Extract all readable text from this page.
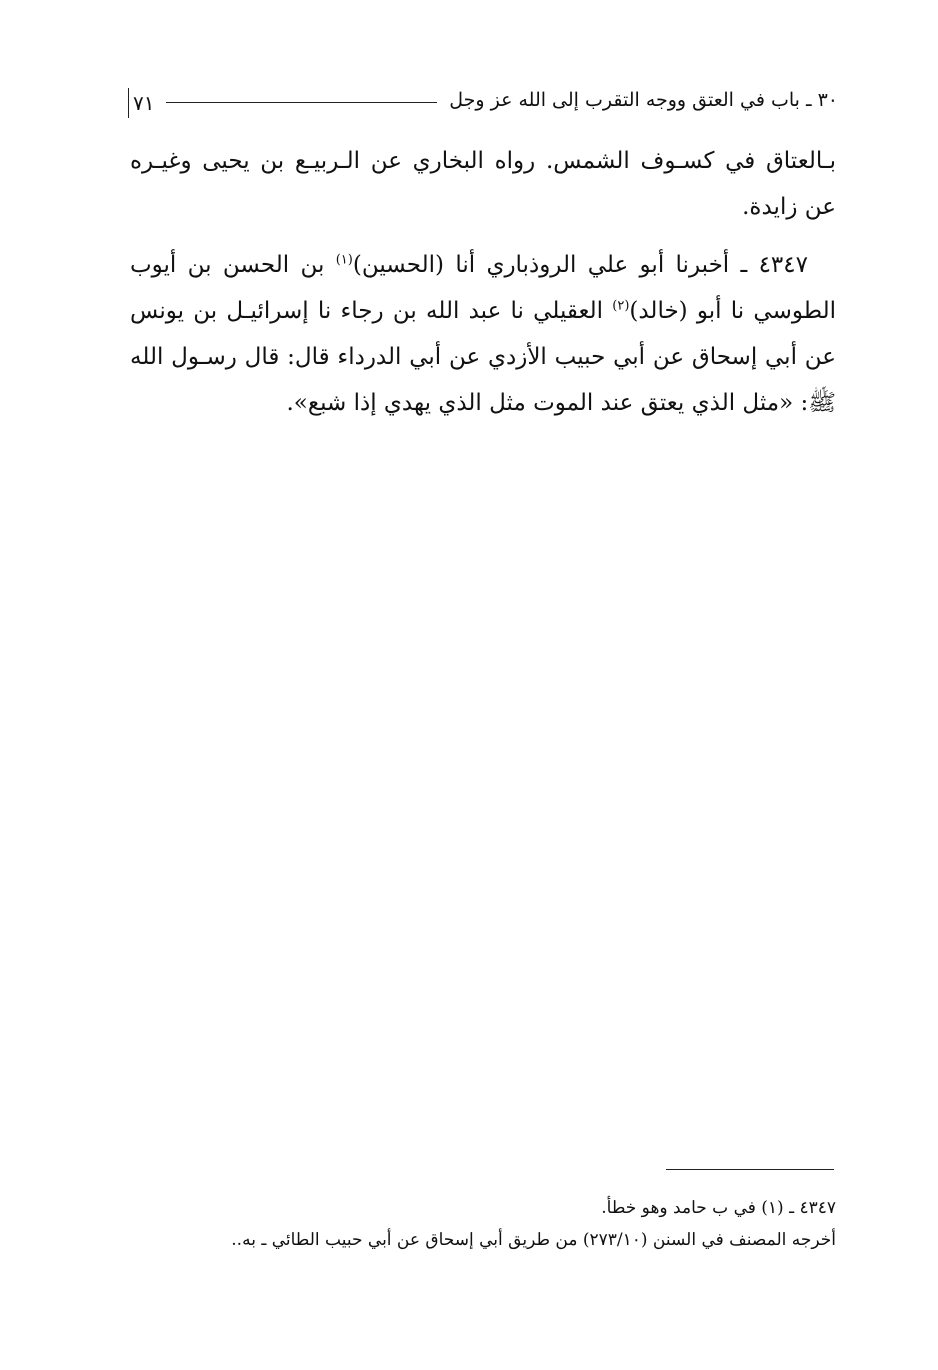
٣٠ ـ باب في العتق ووجه التقرب إلى الله عز وجل
٧١

بـالعتاق في كسـوف الشمس. رواه البخاري عن الـربيـع بن يحيى وغيـره عن زايدة.

٤٣٤٧ ـ أخبرنا أبو علي الروذباري أنا (الحسين)$^{(١)}$ بن الحسن بن أيوب الطوسي نا أبو (خالد)$^{(٢)}$ العقيلي نا عبد الله بن رجاء نا إسرائيـل بن يونس عن أبي إسحاق عن أبي حبيب الأزدي عن أبي الدرداء قال: قال رسـول الله ﷺ: «مثل الذي يعتق عند الموت مثل الذي يهدي إذا شبع».

٤٣٤٧ ـ (١) في ب حامد وهو خطأ.

أخرجه المصنف في السنن (٢٧٣/١٠) من طريق أبي إسحاق عن أبي حبيب الطائي ـ به..
